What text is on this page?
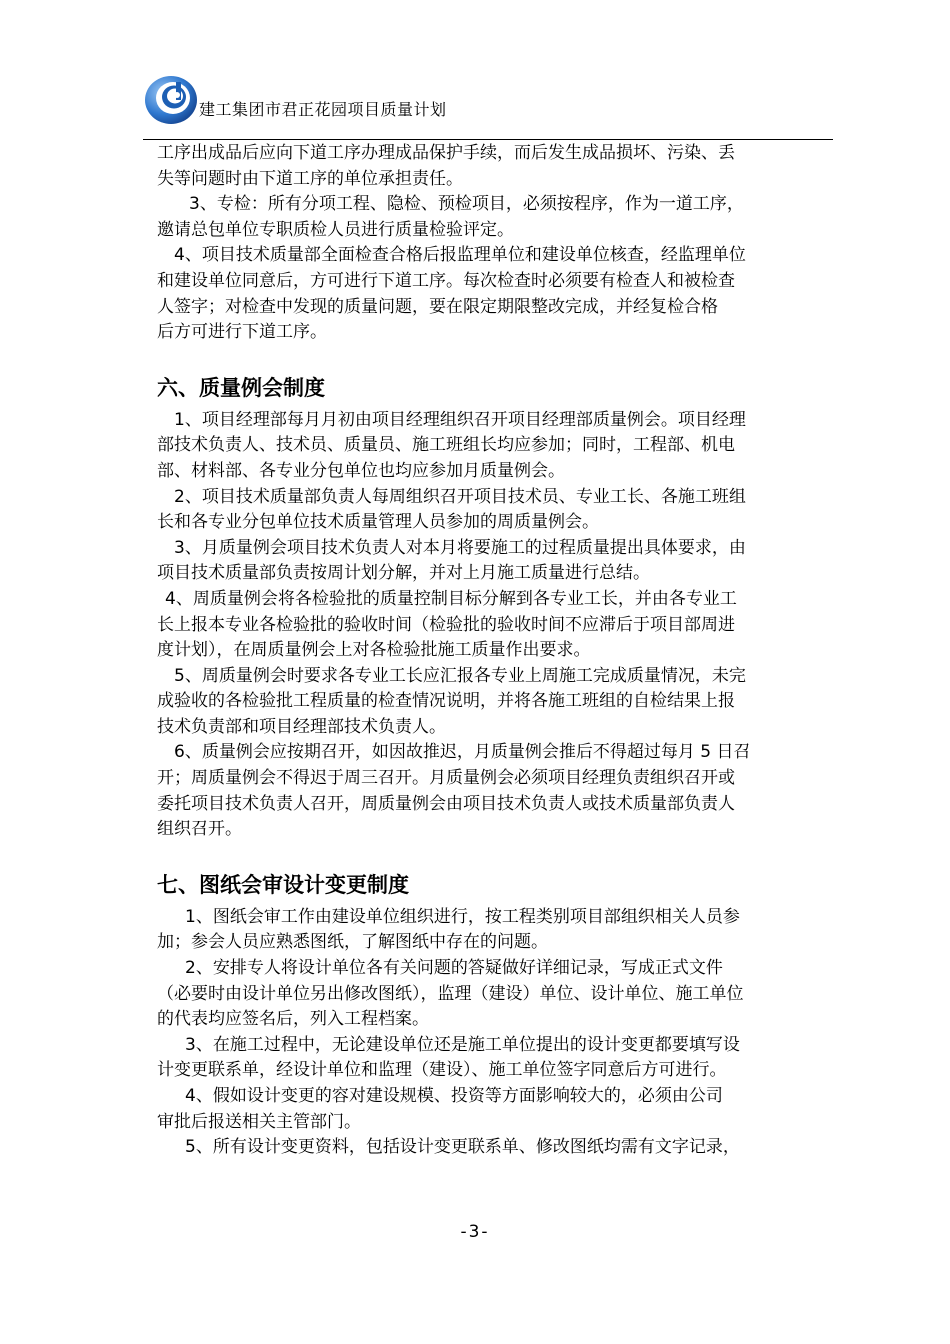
建工集团市君正花园项目质量计划

工序出成品后应向下道工序办理成品保护手续，而后发生成品损坏、污染、丢

失等问题时由下道工序的单位承担责任。

3、专检：所有分项工程、隐检、预检项目，必须按程序，作为一道工序，

邀请总包单位专职质检人员进行质量检验评定。

4、项目技术质量部全面检查合格后报监理单位和建设单位核查，经监理单位

和建设单位同意后，方可进行下道工序。每次检查时必须要有检查人和被检查

人签字；对检查中发现的质量问题，要在限定期限整改完成，并经复检合格

后方可进行下道工序。

六、质量例会制度

1、项目经理部每月月初由项目经理组织召开项目经理部质量例会。项目经理

部技术负责人、技术员、质量员、施工班组长均应参加；同时，工程部、机电

部、材料部、各专业分包单位也均应参加月质量例会。

2、项目技术质量部负责人每周组织召开项目技术员、专业工长、各施工班组

长和各专业分包单位技术质量管理人员参加的周质量例会。

3、月质量例会项目技术负责人对本月将要施工的过程质量提出具体要求，由

项目技术质量部负责按周计划分解，并对上月施工质量进行总结。

4、周质量例会将各检验批的质量控制目标分解到各专业工长，并由各专业工

长上报本专业各检验批的验收时间（检验批的验收时间不应滞后于项目部周进

度计划），在周质量例会上对各检验批施工质量作出要求。

5、周质量例会时要求各专业工长应汇报各专业上周施工完成质量情况，未完

成验收的各检验批工程质量的检查情况说明，并将各施工班组的自检结果上报

技术负责部和项目经理部技术负责人。

6、质量例会应按期召开，如因故推迟，月质量例会推后不得超过每月 5 日召

开；周质量例会不得迟于周三召开。月质量例会必须项目经理负责组织召开或

委托项目技术负责人召开，周质量例会由项目技术负责人或技术质量部负责人

组织召开。

七、图纸会审设计变更制度

1、图纸会审工作由建设单位组织进行，按工程类别项目部组织相关人员参

加；参会人员应熟悉图纸，了解图纸中存在的问题。

2、安排专人将设计单位各有关问题的答疑做好详细记录，写成正式文件

（必要时由设计单位另出修改图纸），监理（建设）单位、设计单位、施工单位

的代表均应签名后，列入工程档案。

3、在施工过程中，无论建设单位还是施工单位提出的设计变更都要填写设

计变更联系单，经设计单位和监理（建设）、施工单位签字同意后方可进行。

4、假如设计变更的容对建设规模、投资等方面影响较大的，必须由公司

审批后报送相关主管部门。

5、所有设计变更资料，包括设计变更联系单、修改图纸均需有文字记录，

-3-
